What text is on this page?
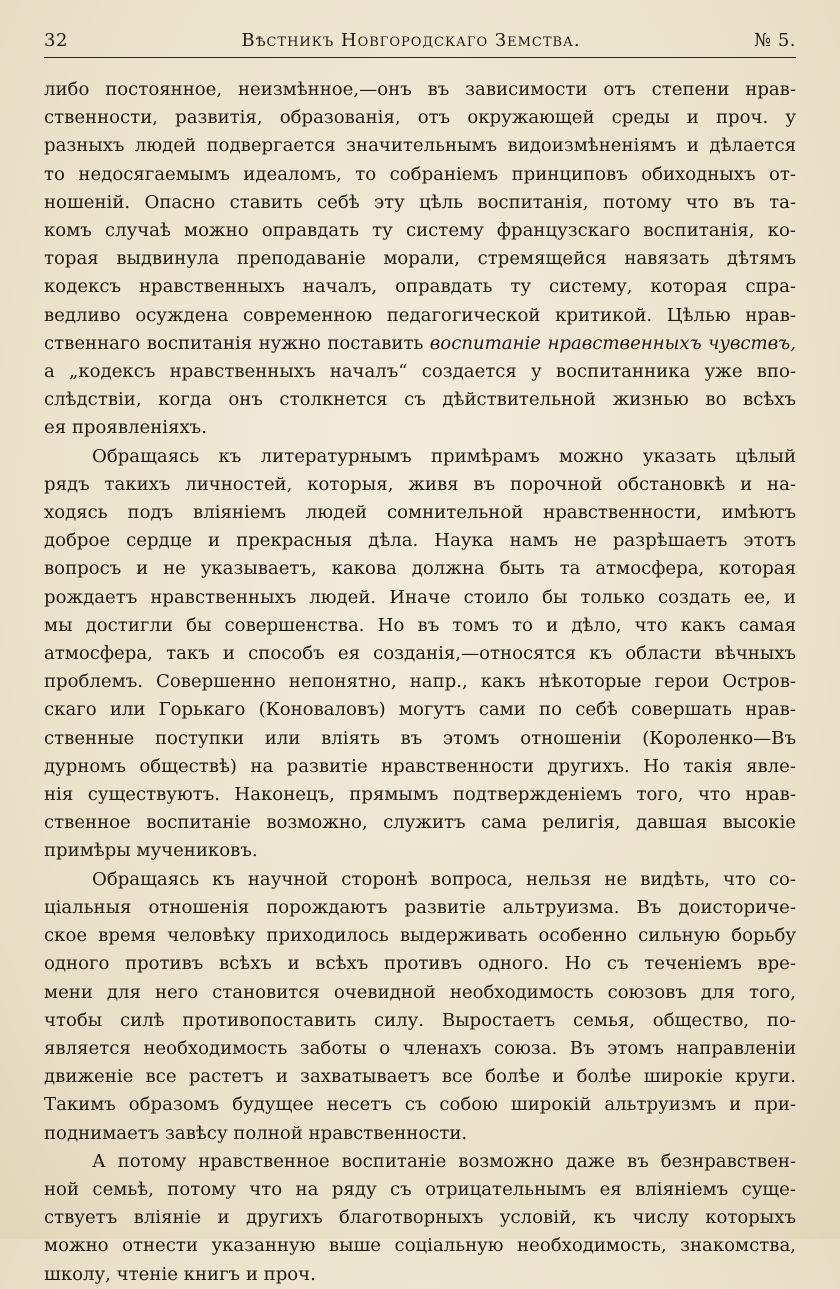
32	Вѣстникъ Новгородскаго Земства.	№ 5.

либо постоянное, неизмѣнное,—онъ въ зависимости отъ степени нрав-
ственности, развитія, образованія, отъ окружающей среды и проч. у
разныхъ людей подвергается значительнымъ видоизмѣненіямъ и дѣлается
то недосягаемымъ идеаломъ, то собраніемъ принциповъ обиходныхъ от-
ношеній. Опасно ставить себѣ эту цѣль воспитанія, потому что въ та-
комъ случаѣ можно оправдать ту систему французскаго воспитанія, ко-
торая выдвинула преподаваніе морали, стремящейся навязать дѣтямъ
кодексъ нравственныхъ началъ, оправдать ту систему, которая спра-
ведливо осуждена современною педагогической критикой. Цѣлью нрав-
ственнаго воспитанія нужно поставить воспитаніе нравственныхъ чувствъ,
а „кодексъ нравственныхъ началъ“ создается у воспитанника уже впо-
слѣдствіи, когда онъ столкнется съ дѣйствительной жизнью во всѣхъ
ея проявленіяхъ.

Обращаясь къ литературнымъ примѣрамъ можно указать цѣлый
рядъ такихъ личностей, которыя, живя въ порочной обстановкѣ и на-
ходясь подъ вліяніемъ людей сомнительной нравственности, имѣютъ
доброе сердце и прекрасныя дѣла. Наука намъ не разрѣшаетъ этотъ
вопросъ и не указываетъ, какова должна быть та атмосфера, которая
рождаетъ нравственныхъ людей. Иначе стоило бы только создать ее, и
мы достигли бы совершенства. Но въ томъ то и дѣло, что какъ самая
атмосфера, такъ и способъ ея созданія,—относятся къ области вѣчныхъ
проблемъ. Совершенно непонятно, напр., какъ нѣкоторые герои Остров-
скаго или Горькаго (Коноваловъ) могутъ сами по себѣ совершать нрав-
ственные поступки или вліять въ этомъ отношеніи (Короленко—Въ
дурномъ обществѣ) на развитіе нравственности другихъ. Но такія явле-
нія существуютъ. Наконецъ, прямымъ подтвержденіемъ того, что нрав-
ственное воспитаніе возможно, служитъ сама религія, давшая высокіе
примѣры мучениковъ.

Обращаясь къ научной сторонѣ вопроса, нельзя не видѣть, что со-
ціальныя отношенія порождаютъ развитіе альтруизма. Въ доисториче-
ское время человѣку приходилось выдерживать особенно сильную борьбу
одного противъ всѣхъ и всѣхъ противъ одного. Но съ теченіемъ вре-
мени для него становится очевидной необходимость союзовъ для того,
чтобы силѣ противопоставить силу. Выростаетъ семья, общество, по-
является необходимость заботы о членахъ союза. Въ этомъ направленіи
движеніе все растетъ и захватываетъ все болѣе и болѣе широкіе круги.
Такимъ образомъ будущее несетъ съ собою широкій альтруизмъ и при-
поднимаетъ завѣсу полной нравственности.

А потому нравственное воспитаніе возможно даже въ безнравствен-
ной семьѣ, потому что на ряду съ отрицательнымъ ея вліяніемъ суще-
ствуетъ вліяніе и другихъ благотворныхъ условій, къ числу которыхъ
можно отнести указанную выше соціальную необходимость, знакомства,
школу, чтеніе книгъ и проч.
